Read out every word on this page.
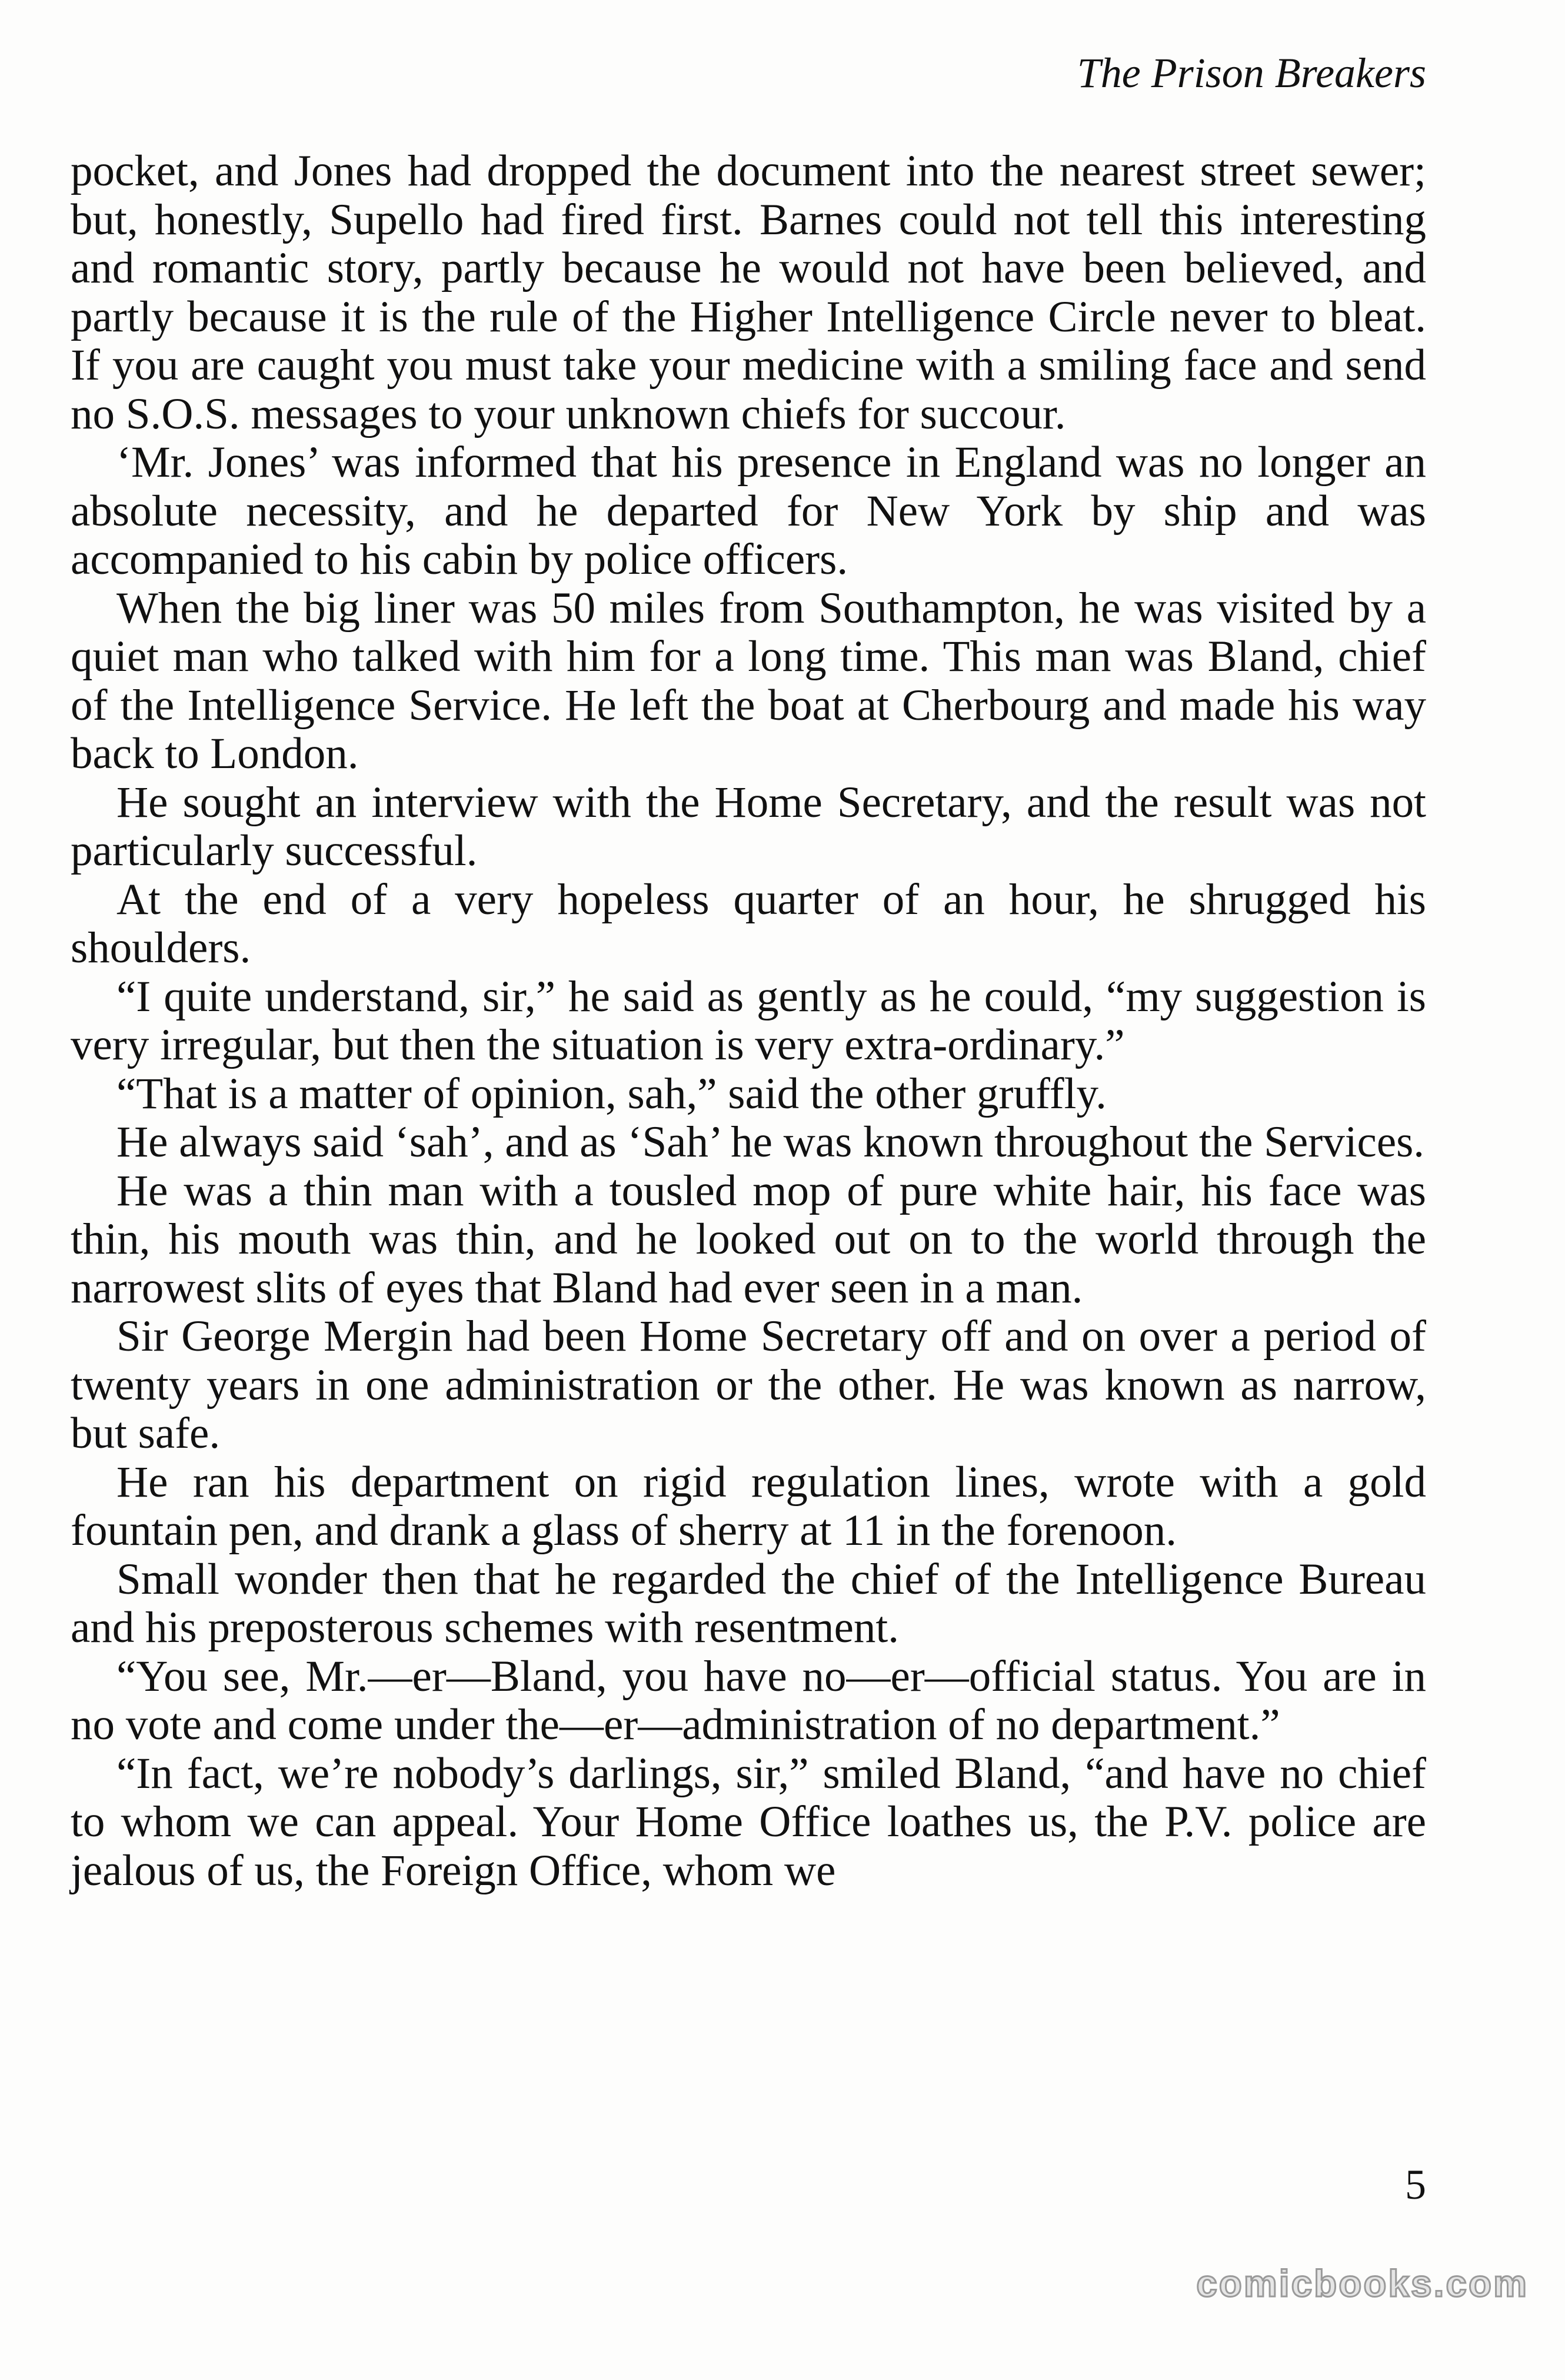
The Prison Breakers

pocket, and Jones had dropped the document into the nearest street sewer; but, honestly, Supello had fired first. Barnes could not tell this interesting and romantic story, partly because he would not have been believed, and partly because it is the rule of the Higher Intelligence Circle never to bleat. If you are caught you must take your medicine with a smiling face and send no S.O.S. messages to your unknown chiefs for succour.

‘Mr. Jones’ was informed that his presence in England was no longer an absolute necessity, and he departed for New York by ship and was accompanied to his cabin by police officers.

When the big liner was 50 miles from Southampton, he was visited by a quiet man who talked with him for a long time. This man was Bland, chief of the Intelligence Service. He left the boat at Cherbourg and made his way back to London.

He sought an interview with the Home Secretary, and the result was not particularly successful.

At the end of a very hopeless quarter of an hour, he shrugged his shoulders.

“I quite understand, sir,” he said as gently as he could, “my suggestion is very irregular, but then the situation is very extra-ordinary.”

“That is a matter of opinion, sah,” said the other gruffly.

He always said ‘sah’, and as ‘Sah’ he was known throughout the Services.

He was a thin man with a tousled mop of pure white hair, his face was thin, his mouth was thin, and he looked out on to the world through the narrowest slits of eyes that Bland had ever seen in a man.

Sir George Mergin had been Home Secretary off and on over a period of twenty years in one administration or the other. He was known as narrow, but safe.

He ran his department on rigid regulation lines, wrote with a gold fountain pen, and drank a glass of sherry at 11 in the forenoon.

Small wonder then that he regarded the chief of the Intelligence Bureau and his preposterous schemes with resentment.

“You see, Mr.—er—Bland, you have no—er—official status. You are in no vote and come under the—er—administration of no department.”

“In fact, we’re nobody’s darlings, sir,” smiled Bland, “and have no chief to whom we can appeal. Your Home Office loathes us, the P.V. police are jealous of us, the Foreign Office, whom we

5
comicbooks.com
